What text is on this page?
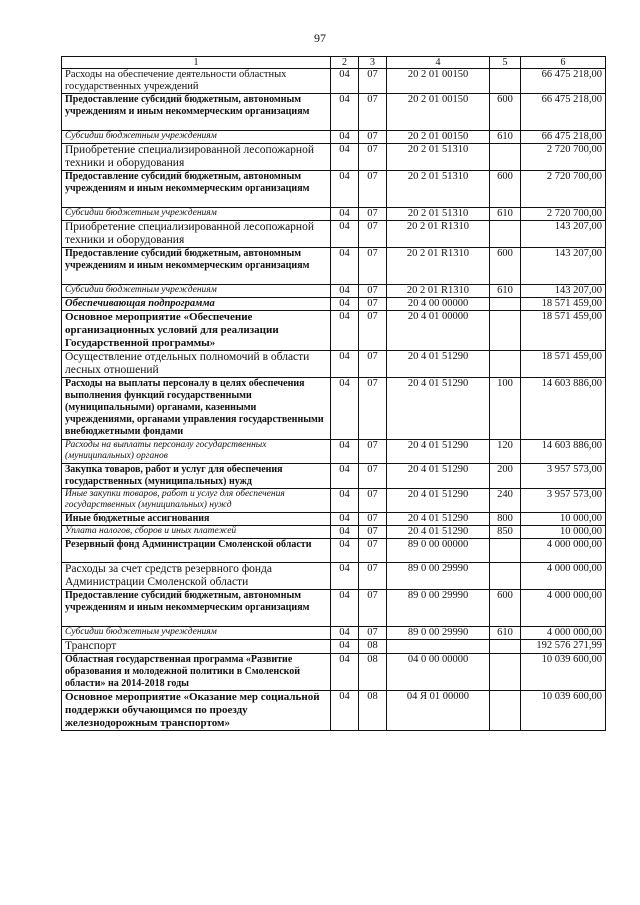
97
1	2	3	4	5	6
Расходы на обеспечение деятельности областных государственных учреждений	04	07	20 2 01 00150		66 475 218,00
Предоставление субсидий бюджетным, автономным учреждениям и иным некоммерческим организациям	04	07	20 2 01 00150	600	66 475 218,00
Субсидии бюджетным учреждениям	04	07	20 2 01 00150	610	66 475 218,00
Приобретение специализированной лесопожарной техники и оборудования	04	07	20 2 01 51310		2 720 700,00
Предоставление субсидий бюджетным, автономным учреждениям и иным некоммерческим организациям	04	07	20 2 01 51310	600	2 720 700,00
Субсидии бюджетным учреждениям	04	07	20 2 01 51310	610	2 720 700,00
Приобретение специализированной лесопожарной техники и оборудования	04	07	20 2 01 R1310		143 207,00
Предоставление субсидий бюджетным, автономным учреждениям и иным некоммерческим организациям	04	07	20 2 01 R1310	600	143 207,00
Субсидии бюджетным учреждениям	04	07	20 2 01 R1310	610	143 207,00
Обеспечивающая подпрограмма	04	07	20 4 00 00000		18 571 459,00
Основное мероприятие «Обеспечение организационных условий для реализации Государственной программы»	04	07	20 4 01 00000		18 571 459,00
Осуществление отдельных полномочий в области лесных отношений	04	07	20 4 01 51290		18 571 459,00
Расходы на выплаты персоналу в целях обеспечения выполнения функций государственными (муниципальными) органами, казенными учреждениями, органами управления государственными внебюджетными фондами	04	07	20 4 01 51290	100	14 603 886,00
Расходы на выплаты персоналу государственных (муниципальных) органов	04	07	20 4 01 51290	120	14 603 886,00
Закупка товаров, работ и услуг для обеспечения государственных (муниципальных) нужд	04	07	20 4 01 51290	200	3 957 573,00
Иные закупки товаров, работ и услуг для обеспечения государственных (муниципальных) нужд	04	07	20 4 01 51290	240	3 957 573,00
Иные бюджетные ассигнования	04	07	20 4 01 51290	800	10 000,00
Уплата налогов, сборов и иных платежей	04	07	20 4 01 51290	850	10 000,00
Резервный фонд Администрации Смоленской области	04	07	89 0 00 00000		4 000 000,00
Расходы за счет средств резервного фонда Администрации Смоленской области	04	07	89 0 00 29990		4 000 000,00
Предоставление субсидий бюджетным, автономным учреждениям и иным некоммерческим организациям	04	07	89 0 00 29990	600	4 000 000,00
Субсидии бюджетным учреждениям	04	07	89 0 00 29990	610	4 000 000,00
Транспорт	04	08			192 576 271,99
Областная государственная программа «Развитие образования и молодежной политики в Смоленской области» на 2014-2018 годы	04	08	04 0 00 00000		10 039 600,00
Основное мероприятие «Оказание мер социальной поддержки обучающимся по проезду железнодорожным транспортом»	04	08	04 Я 01 00000		10 039 600,00
